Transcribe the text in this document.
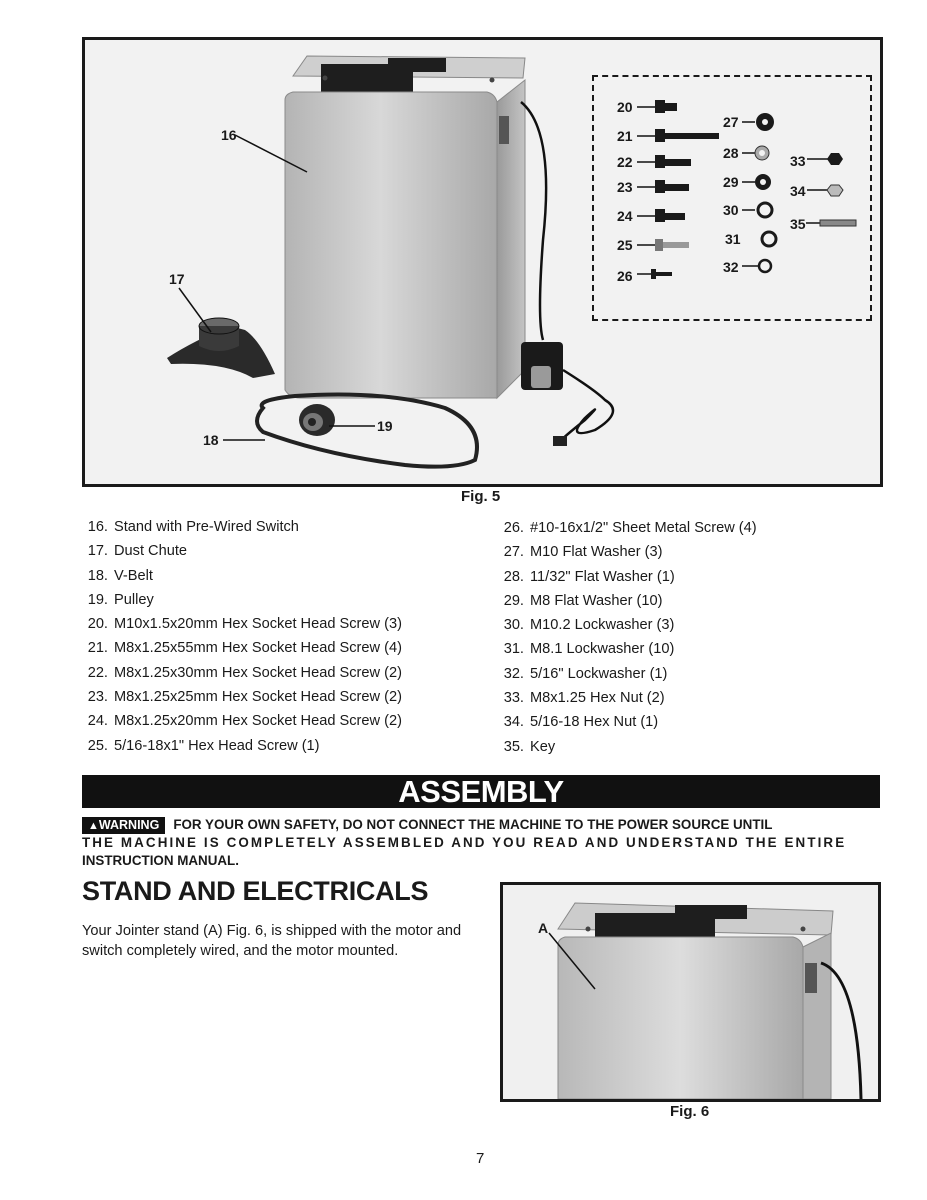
16
17
18
19
20
21
22
23
24
25
26
27
28
29
30
31
32
33
34
35
Fig. 5
16. Stand with Pre-Wired Switch
17. Dust Chute
18. V-Belt
19. Pulley
20. M10x1.5x20mm Hex Socket Head Screw (3)
21. M8x1.25x55mm Hex Socket Head Screw (4)
22. M8x1.25x30mm Hex Socket Head Screw (2)
23. M8x1.25x25mm Hex Socket Head Screw (2)
24. M8x1.25x20mm Hex Socket Head Screw (2)
25. 5/16-18x1" Hex Head Screw (1)
26. #10-16x1/2" Sheet Metal Screw (4)
27. M10 Flat Washer (3)
28. 11/32" Flat Washer (1)
29. M8 Flat Washer (10)
30. M10.2 Lockwasher (3)
31. M8.1 Lockwasher (10)
32. 5/16" Lockwasher (1)
33. M8x1.25 Hex Nut (2)
34. 5/16-18 Hex Nut (1)
35. Key
ASSEMBLY
▲WARNING FOR YOUR OWN SAFETY, DO NOT CONNECT THE MACHINE TO THE POWER SOURCE UNTIL
THE MACHINE IS COMPLETELY ASSEMBLED AND YOU READ AND UNDERSTAND THE ENTIRE
INSTRUCTION MANUAL.
STAND AND ELECTRICALS

Your Jointer stand (A) Fig. 6, is shipped with the motor and switch completely wired, and the motor mounted.

A
Fig. 6
7
